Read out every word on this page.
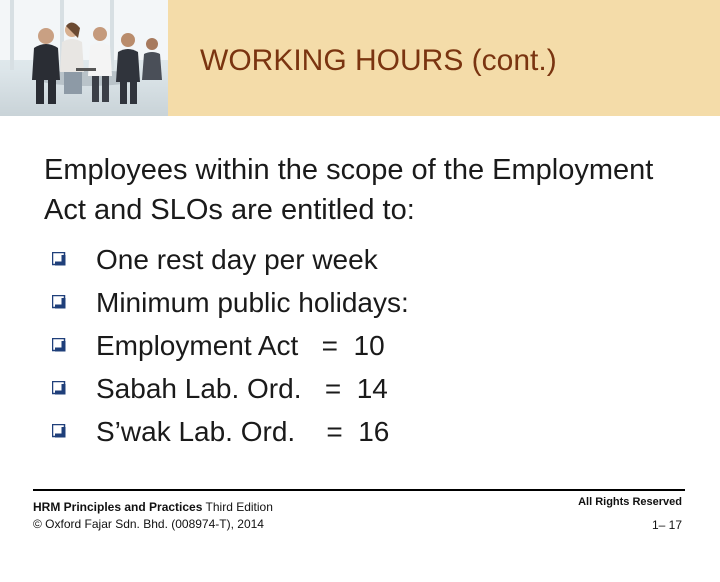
WORKING HOURS (cont.)
Employees within the scope of the Employment Act and SLOs are entitled to:

One rest day per week

Minimum public holidays:

Employment Act   =  10

Sabah Lab. Ord.   =  14

S’wak Lab. Ord.    =  16

HRM Principles and Practices Third Edition
© Oxford Fajar Sdn. Bhd. (008974-T), 2014
All Rights Reserved
1– 17
